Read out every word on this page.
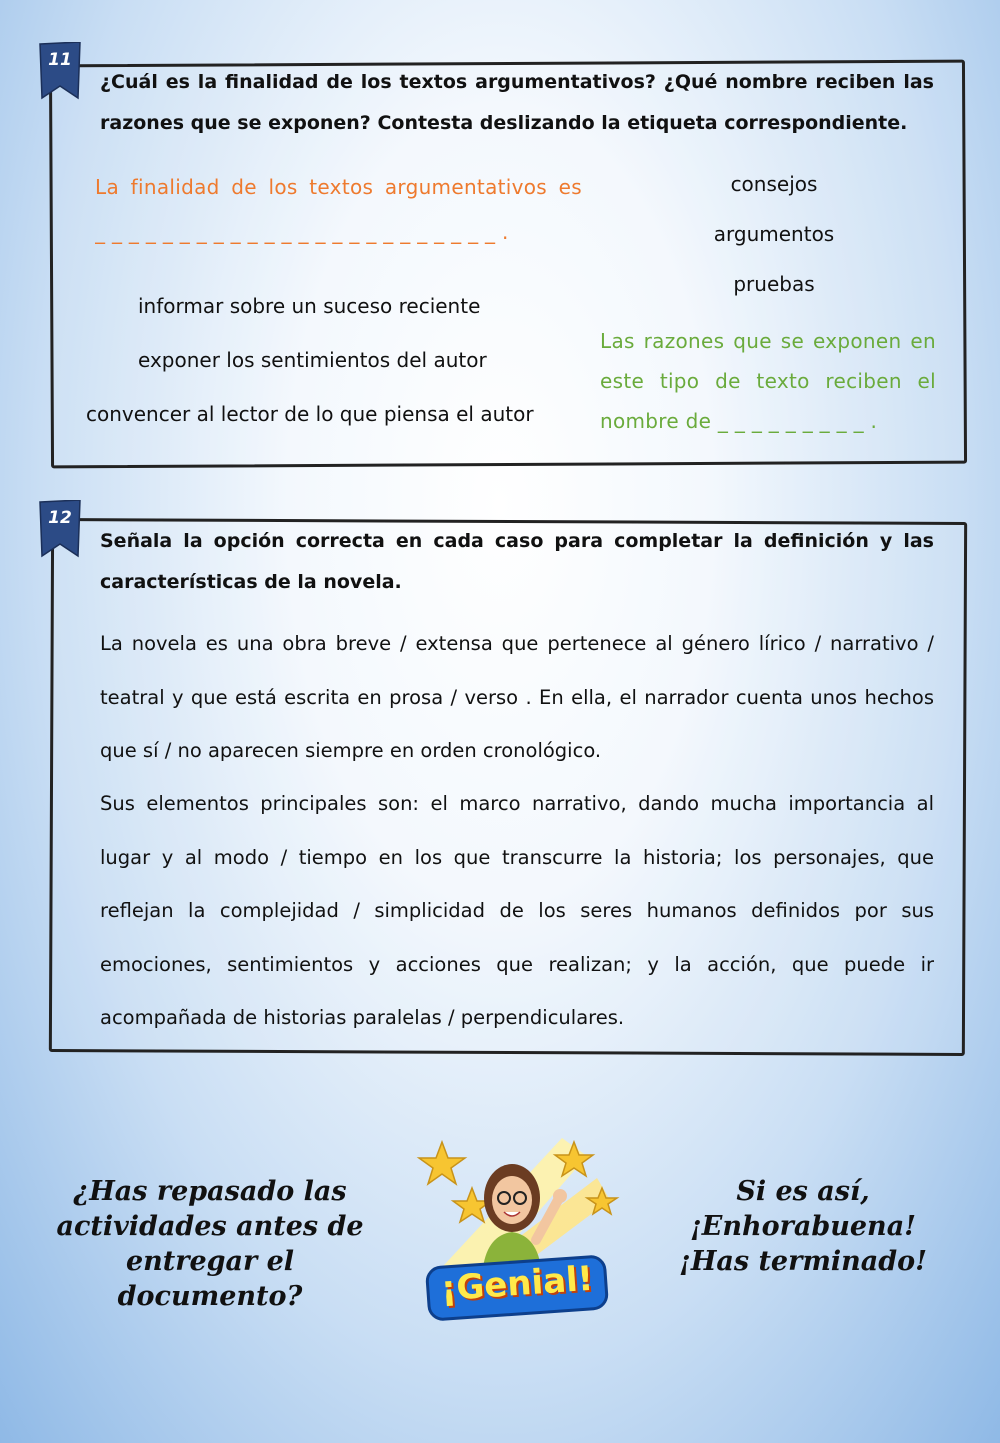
11
¿Cuál es la finalidad de los textos argumentativos? ¿Qué nombre reciben las razones que se exponen? Contesta deslizando la etiqueta correspondiente.
La finalidad de los textos argumentativos es
_ _ _ _ _ _ _ _ _ _ _ _ _ _ _ _ _ _ _ _ _ _ _ _ .
informar sobre un suceso reciente
exponer los sentimientos del autor
convencer al lector de lo que piensa el autor
consejos
argumentos
pruebas
Las razones que se exponen en este tipo de texto reciben el nombre de _ _ _ _ _ _ _ _ _ .
12
Señala la opción correcta en cada caso para completar la definición y las características de la novela.
La novela es una obra breve / extensa que pertenece al género lírico / narrativo / teatral y que está escrita en prosa / verso . En ella, el narrador cuenta unos hechos que sí / no aparecen siempre en orden cronológico.
Sus elementos principales son: el marco narrativo, dando mucha importancia al lugar y al modo / tiempo en los que transcurre la historia; los personajes, que reflejan la complejidad / simplicidad de los seres humanos definidos por sus emociones, sentimientos y acciones que realizan; y la acción, que puede ir acompañada de historias paralelas / perpendiculares.
¿Has repasado las actividades antes de entregar el documento?	¡Genial!
Si es así,
¡Enhorabuena!
¡Has terminado!
